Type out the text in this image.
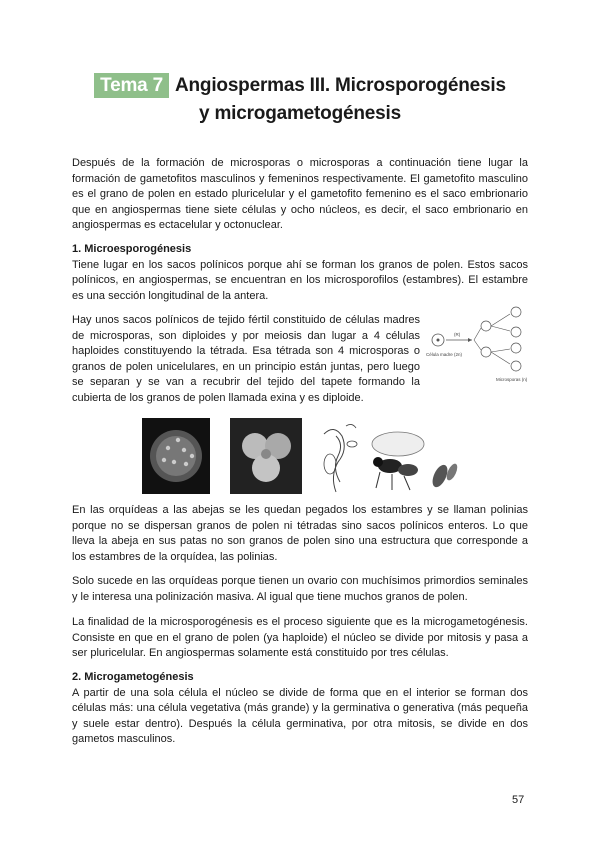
Tema 7 Angiospermas III. Microsporogénesis
y microgametogénesis

Después de la formación de microsporas o microsporas a continuación tiene lugar la formación de gametofitos masculinos y femeninos respectivamente. El gametofito masculino es el grano de polen en estado pluricelular y el gametofito femenino es el saco embrionario que en angiospermas tiene siete células y ocho núcleos, es decir, el saco embrionario en angiospermas es ectacelular y octonuclear.

1. Microesporogénesis

Tiene lugar en los sacos polínicos porque ahí se forman los granos de polen. Estos sacos polínicos, en angiospermas, se encuentran en los microsporofilos (estambres). El estambre es una sección longitudinal de la antera.

Hay unos sacos polínicos de tejido fértil constituido de células madres de microsporas, son diploides y por meiosis dan lugar a 4 células haploides constituyendo la tétrada. Esa tétrada son 4 microsporas o granos de polen unicelulares, en un principio están juntas, pero luego se separan y se van a recubrir del tejido del tapete formando la cubierta de los granos de polen llamada exina y es diploide.

Célula madre (2n)
(R)
Microsporas (n)

En las orquídeas a las abejas se les quedan pegados los estambres y se llaman polinias porque no se dispersan granos de polen ni tétradas sino sacos polínicos enteros. Lo que lleva la abeja en sus patas no son granos de polen sino una estructura que corresponde a los estambres de la orquídea, las polinias.

Solo sucede en las orquídeas porque tienen un ovario con muchísimos primordios seminales y le interesa una polinización masiva. Al igual que tiene muchos granos de polen.

La finalidad de la microsporogénesis es el proceso siguiente que es la microgametogénesis. Consiste en que en el grano de polen (ya haploide) el núcleo se divide por mitosis y pasa a ser pluricelular. En angiospermas solamente está constituido por tres células.

2. Microgametogénesis

A partir de una sola célula el núcleo se divide de forma que en el interior se forman dos células más: una célula vegetativa (más grande) y la germinativa o generativa (más pequeña y suele estar dentro). Después la célula germinativa, por otra mitosis, se divide en dos gametos masculinos.

57
